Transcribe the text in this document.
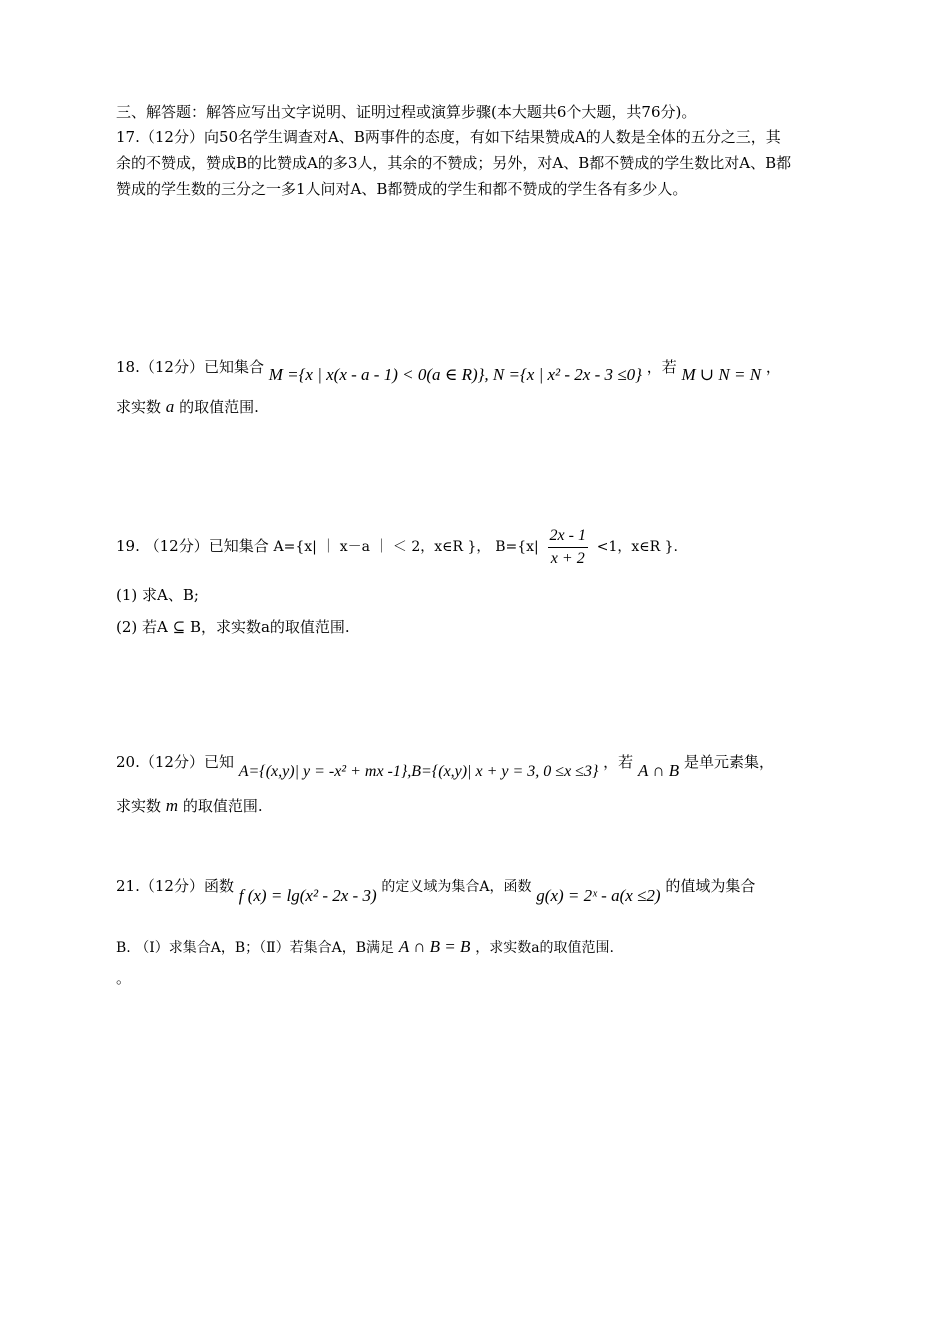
三、解答题：解答应写出文字说明、证明过程或演算步骤(本大题共6个大题，共76分)。
17.（12分）向50名学生调查对A、B两事件的态度，有如下结果赞成A的人数是全体的五分之三，其
余的不赞成，赞成B的比赞成A的多3人，其余的不赞成；另外，对A、B都不赞成的学生数比对A、B都
赞成的学生数的三分之一多1人问对A、B都赞成的学生和都不赞成的学生各有多少人。
18.（12分）已知集合 M ={x | x(x - a - 1) < 0(a ∈ R)}, N ={x | x² - 2x - 3 ≤0} ，若 M ∪ N = N ，
求实数 a 的取值范围.
19. （12分）已知集合 A={x| ｜ x－a ｜ ＜ 2，x∈R }， $B=\{x| \frac{2x - 1}{x + 2} <1$，x∈R }.
(1) 求A、B;
(2) 若A ⊆ B，求实数a的取值范围.
20.（12分）已知 A={(x,y)| y = -x² + mx -1},B={(x,y)| x + y = 3, 0 ≤x ≤3} ，若 A ∩ B 是单元素集，
求实数 m 的取值范围.
21.（12分）函数 f (x) = lg(x² - 2x - 3) 的定义域为集合A，函数 g(x) = 2ˣ - a(x ≤2) 的值域为集合
B. （Ⅰ）求集合A，B；（Ⅱ）若集合A，B满足 A ∩ B = B ，求实数a的取值范围.
。
